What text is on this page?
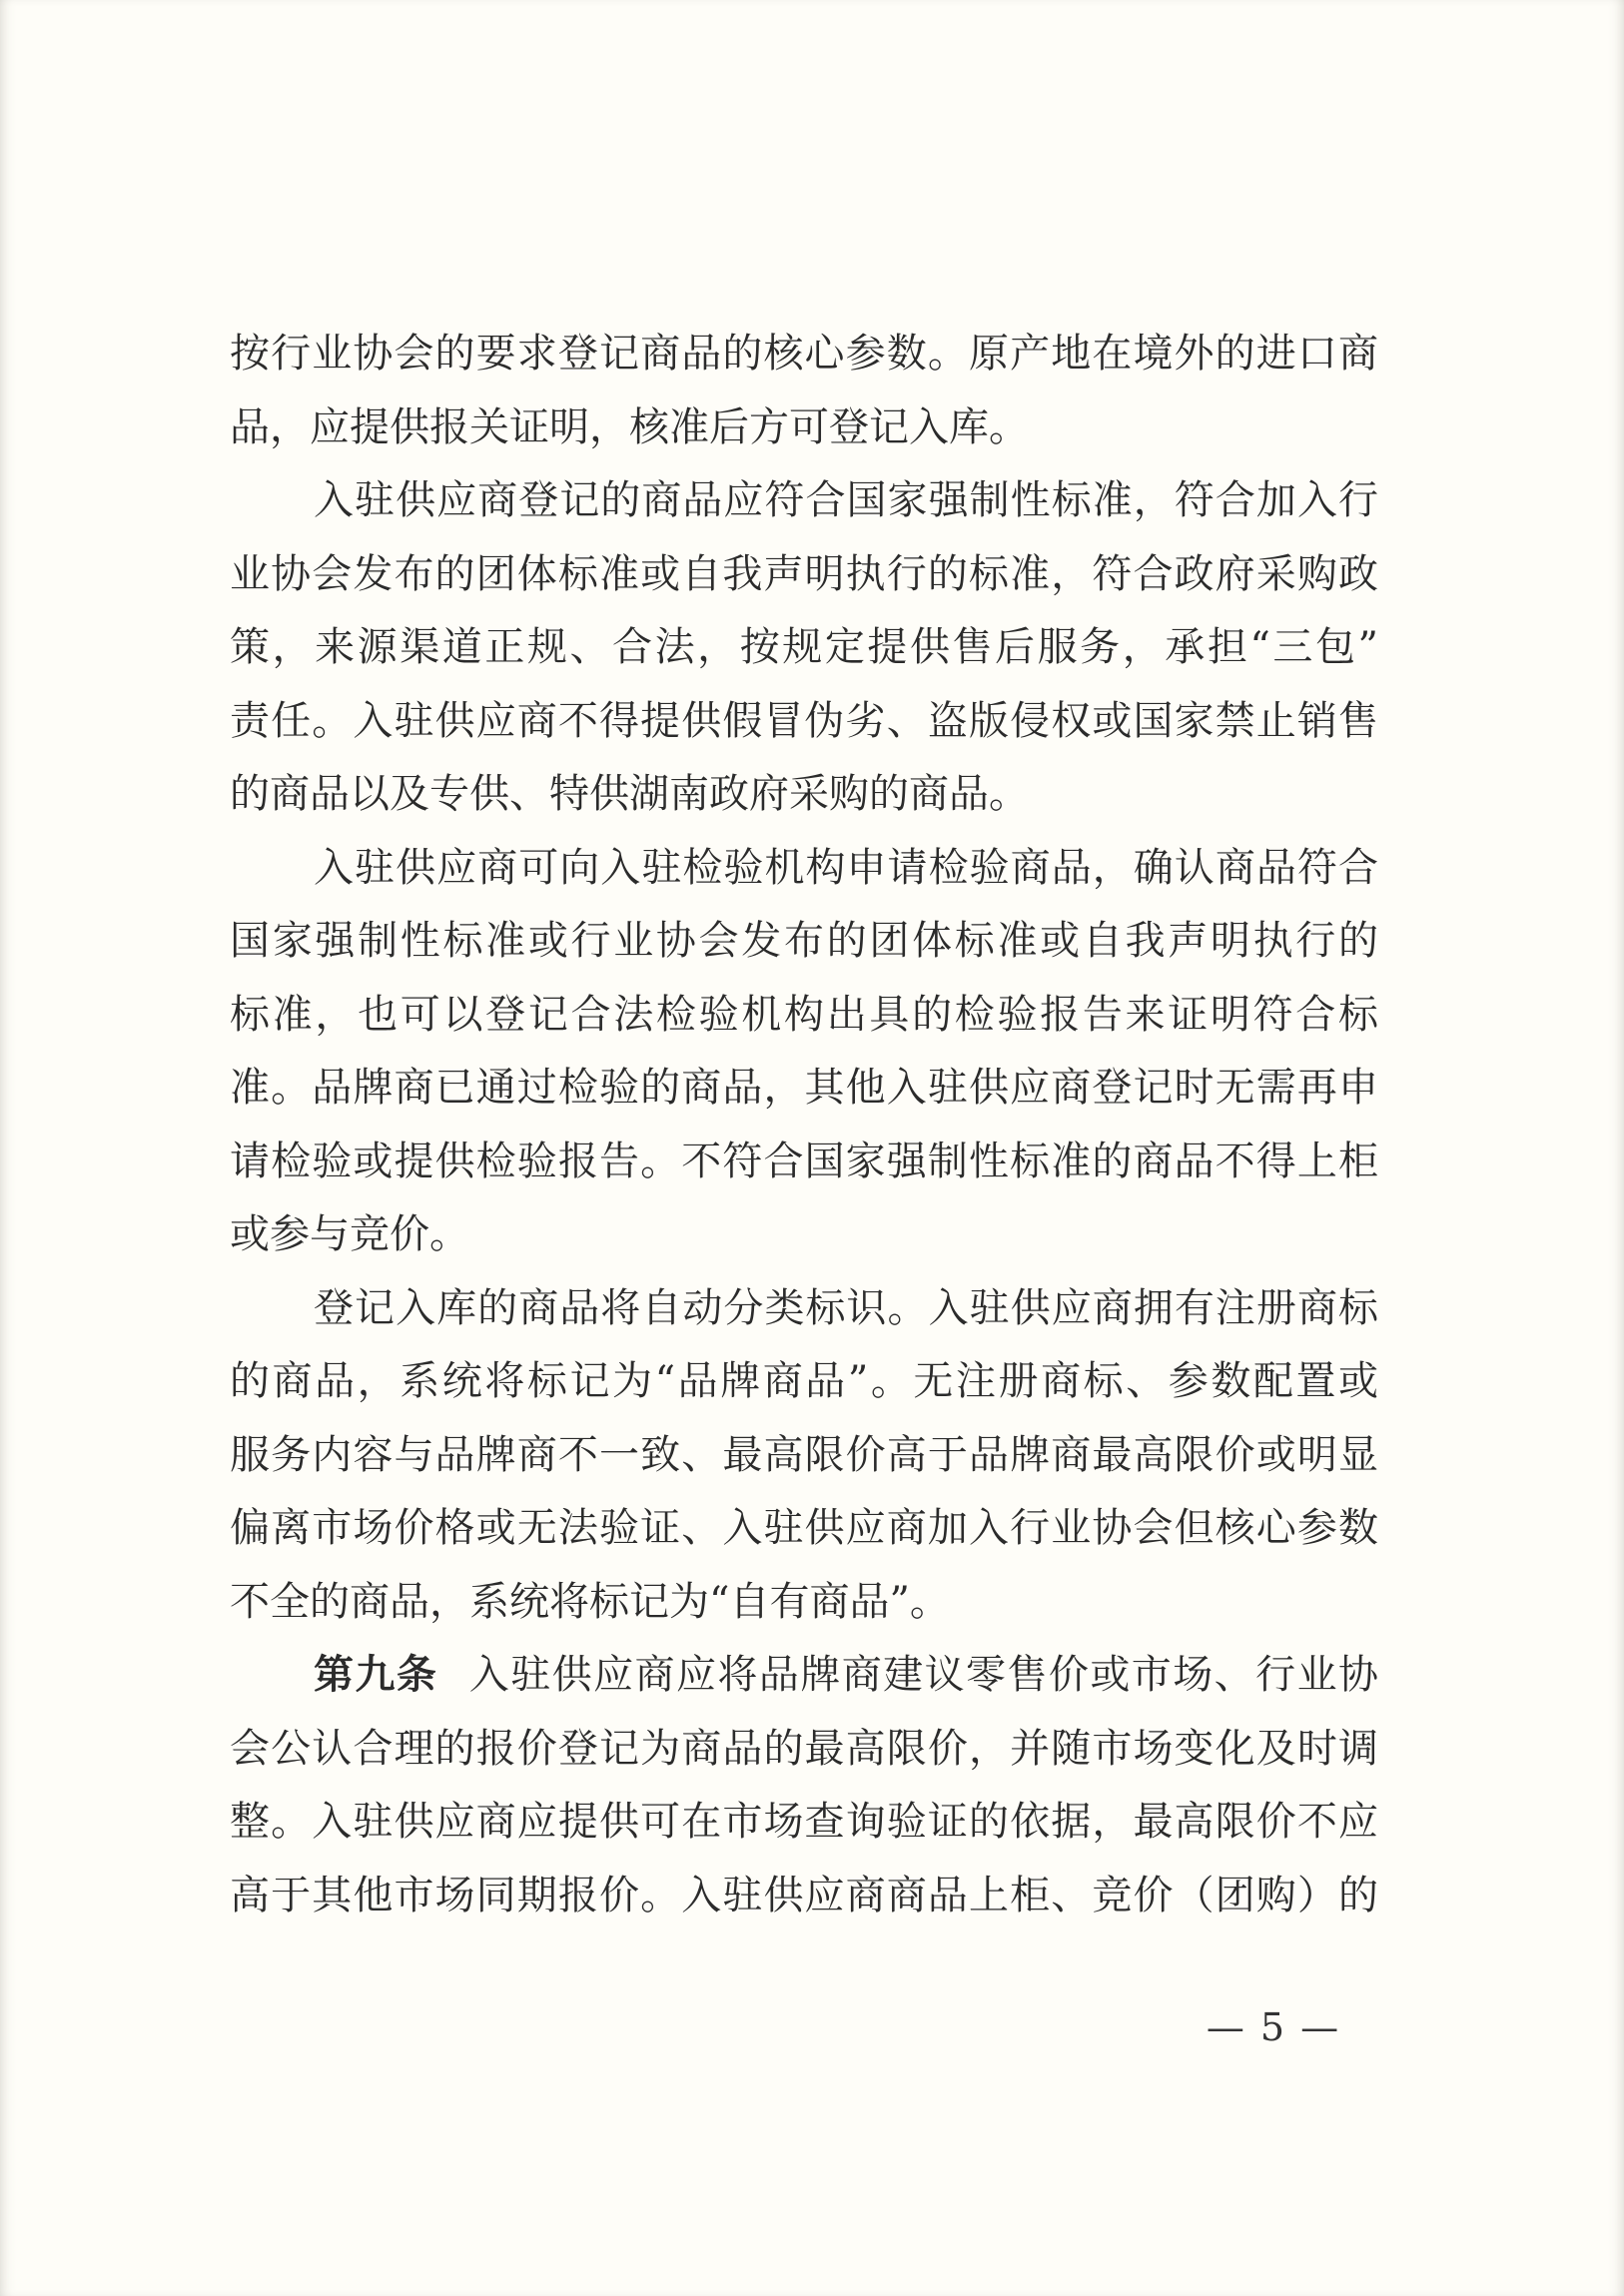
按行业协会的要求登记商品的核心参数。原产地在境外的进口商
品，应提供报关证明，核准后方可登记入库。
入驻供应商登记的商品应符合国家强制性标准，符合加入行
业协会发布的团体标准或自我声明执行的标准，符合政府采购政
策，来源渠道正规、合法，按规定提供售后服务，承担“三包”
责任。入驻供应商不得提供假冒伪劣、盗版侵权或国家禁止销售
的商品以及专供、特供湖南政府采购的商品。
入驻供应商可向入驻检验机构申请检验商品，确认商品符合
国家强制性标准或行业协会发布的团体标准或自我声明执行的
标准，也可以登记合法检验机构出具的检验报告来证明符合标
准。品牌商已通过检验的商品，其他入驻供应商登记时无需再申
请检验或提供检验报告。不符合国家强制性标准的商品不得上柜
或参与竞价。
登记入库的商品将自动分类标识。入驻供应商拥有注册商标
的商品，系统将标记为“品牌商品”。无注册商标、参数配置或
服务内容与品牌商不一致、最高限价高于品牌商最高限价或明显
偏离市场价格或无法验证、入驻供应商加入行业协会但核心参数
不全的商品，系统将标记为“自有商品”。
第九条 入驻供应商应将品牌商建议零售价或市场、行业协
会公认合理的报价登记为商品的最高限价，并随市场变化及时调
整。入驻供应商应提供可在市场查询验证的依据，最高限价不应
高于其他市场同期报价。入驻供应商商品上柜、竞价（团购）的
— 5 —
